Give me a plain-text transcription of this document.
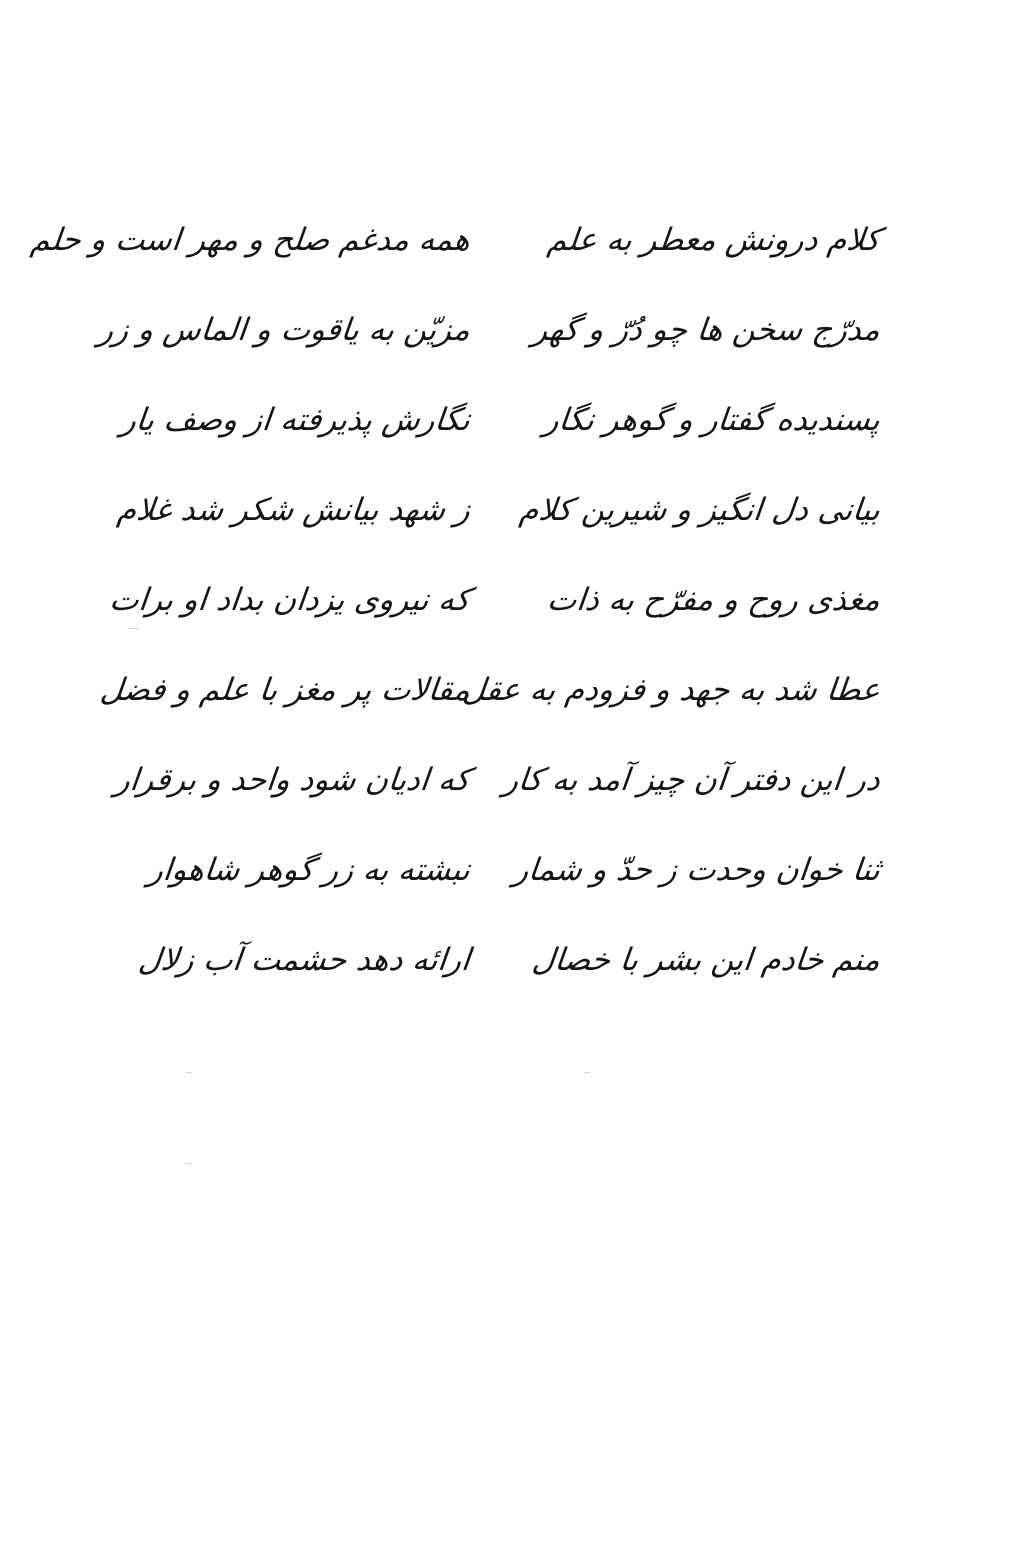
کلام درونش معطر به علم
همه مدغم صلح و مهر است و حلم
مدرّج سخن ها چو دُرّ و گهر
مزیّن به یاقوت و الماس و زر
پسندیده گفتار و گوهر نگار
نگارش پذیرفته از وصف یار
بیانی دل انگیز و شیرین کلام
ز شهد بیانش شکر شد غلام
مغذی روح و مفرّح به ذات
که نیروی یزدان بداد او برات
عطا شد به جهد و فزودم به عقل
مقالات پر مغز با علم و فضل
در این دفتر آن چیز آمد به کار
که ادیان شود واحد و برقرار
ثنا خوان وحدت ز حدّ و شمار
نبشته به زر گوهر شاهوار
منم خادم این بشر با خصال
ارائه دهد حشمت آب زلال
